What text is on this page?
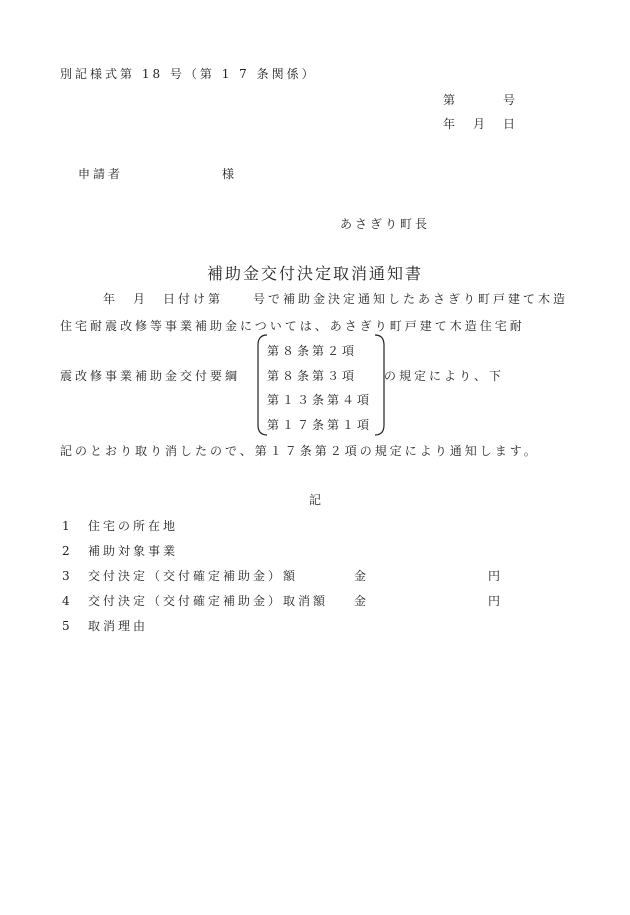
別記様式第 18 号（第 1 7 条関係）
第　　　号
年　月　日
申請者	様
あさぎり町長
補助金交付決定取消通知書
年　月　日付け第　　号で補助金決定通知したあさぎり町戸建て木造
住宅耐震改修等事業補助金については、あさぎり町戸建て木造住宅耐
震改修事業補助金交付要綱	の規定により、下
第８条第２項
第８条第３項
第１３条第４項
第１７条第１項
記のとおり取り消したので、第１７条第２項の規定により通知します。
記
1 住宅の所在地
2 補助対象事業
3 交付決定（交付確定補助金）額	金	円
4 交付決定（交付確定補助金）取消額 金	円
5 取消理由
